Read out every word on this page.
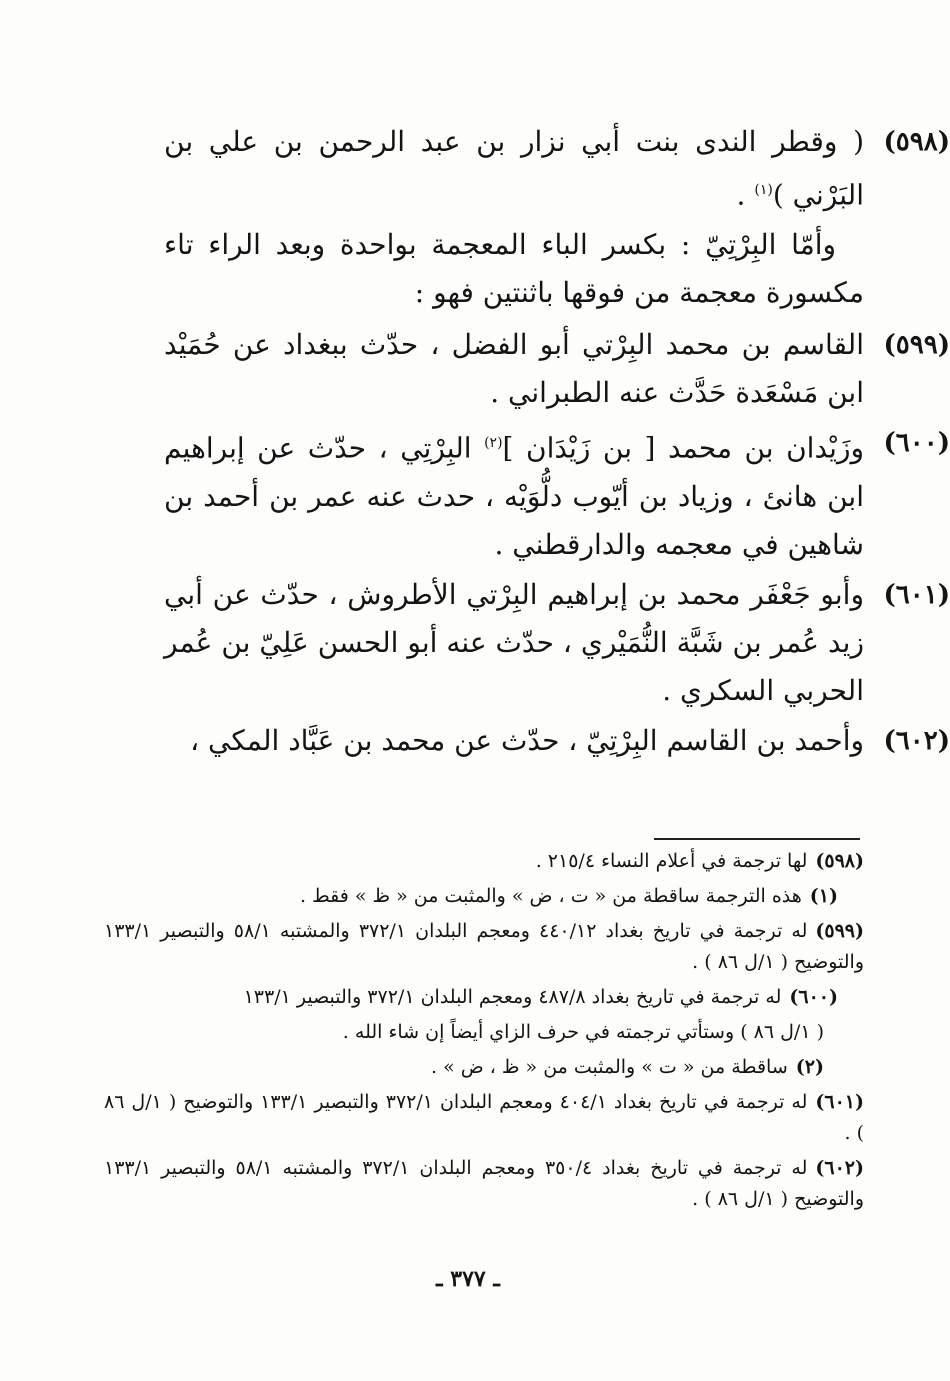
(٥٩٨)
( وقطر الندى بنت أبي نزار بن عبد الرحمن بن علي بن البَرْني )$^{(١)}$ .

وأمّا البِرْتِيّ : بكسر الباء المعجمة بواحدة وبعد الراء تاء مكسورة معجمة من فوقها باثنتين فهو :

(٥٩٩)
القاسم بن محمد البِرْتي أبو الفضل ، حدّث ببغداد عن حُمَيْد ابن مَسْعَدة حَدَّث عنه الطبراني .
(٦٠٠)
وزَيْدان بن محمد [ بن زَيْدَان ]$^{(٢)}$ البِرْتِي ، حدّث عن إبراهيم ابن هانئ ، وزياد بن أيّوب دلُّوَيْه ، حدث عنه عمر بن أحمد بن شاهين في معجمه والدارقطني .
(٦٠١)
وأبو جَعْفَر محمد بن إبراهيم البِرْتي الأطروش ، حدّث عن أبي زيد عُمر بن شَبَّة النُّمَيْري ، حدّث عنه أبو الحسن عَلِيّ بن عُمر الحربي السكري .
(٦٠٢)
وأحمد بن القاسم البِرْتِيّ ، حدّث عن محمد بن عَبَّاد المكي ،
(٥٩٨)لها ترجمة في أعلام النساء ٢١٥/٤ .
(١)هذه الترجمة ساقطة من « ت ، ض » والمثبت من « ظ » فقط .
(٥٩٩)له ترجمة في تاريخ بغداد ٤٤٠/١٢ ومعجم البلدان ٣٧٢/١ والمشتبه ٥٨/١ والتبصير ١٣٣/١ والتوضيح ( ١/ل ٨٦ ) .
(٦٠٠)له ترجمة في تاريخ بغداد ٤٨٧/٨ ومعجم البلدان ٣٧٢/١ والتبصير ١٣٣/١
( ١/ل ٨٦ ) وستأتي ترجمته في حرف الزاي أيضاً إن شاء الله .
(٢)ساقطة من « ت » والمثبت من « ظ ، ض » .
(٦٠١)له ترجمة في تاريخ بغداد ٤٠٤/١ ومعجم البلدان ٣٧٢/١ والتبصير ١٣٣/١ والتوضيح ( ١/ل ٨٦ ) .
(٦٠٢)له ترجمة في تاريخ بغداد ٣٥٠/٤ ومعجم البلدان ٣٧٢/١ والمشتبه ٥٨/١ والتبصير ١٣٣/١ والتوضيح ( ١/ل ٨٦ ) .
ـ ٣٧٧ ـ
